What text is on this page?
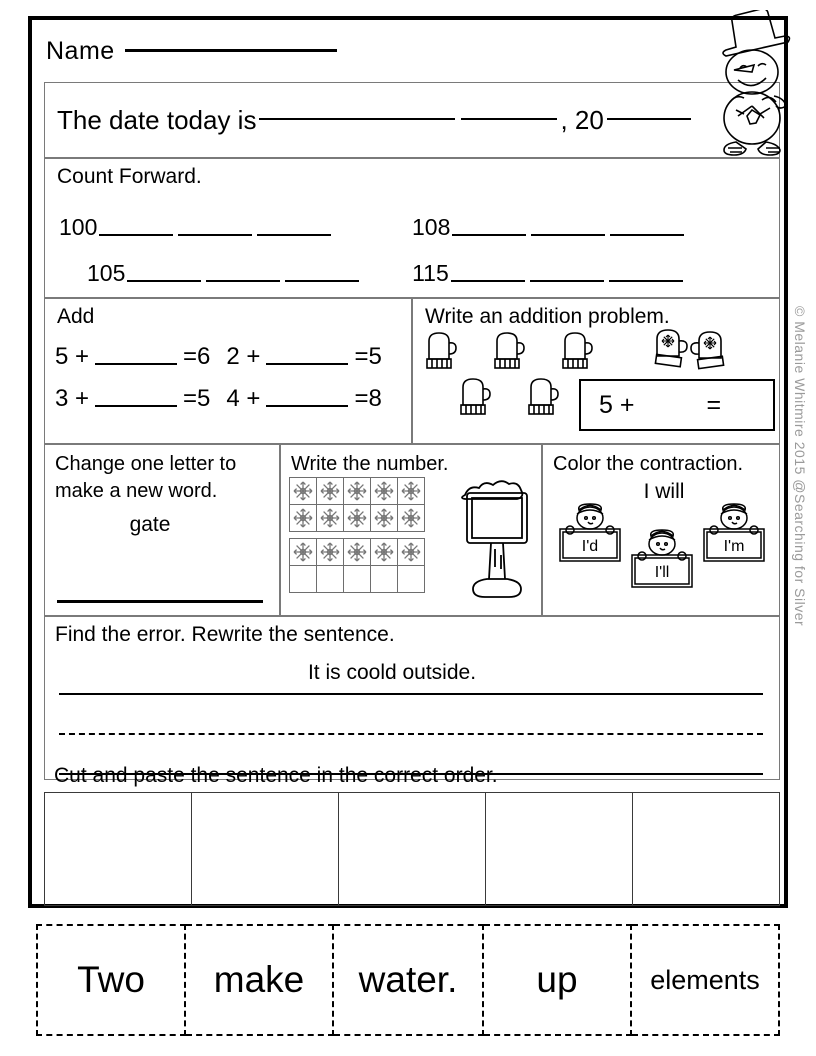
Name
The date today is	, 20
Count Forward.
100	108
105	115
Add
5 +	=6 2 +	=5
3 +	=5 4 +	=8
Write an addition problem.
5 +	=
Change one letter to make a new word.
gate
Write the number.

					Color the contraction.
I will
I'd
I'll
I'm
Find the error. Rewrite the sentence.
It is coold outside.
Cut and paste the sentence in the correct order.
© Melanie Whitmire 2015 @Searching for Silver
Two	make	water.	up	elements
